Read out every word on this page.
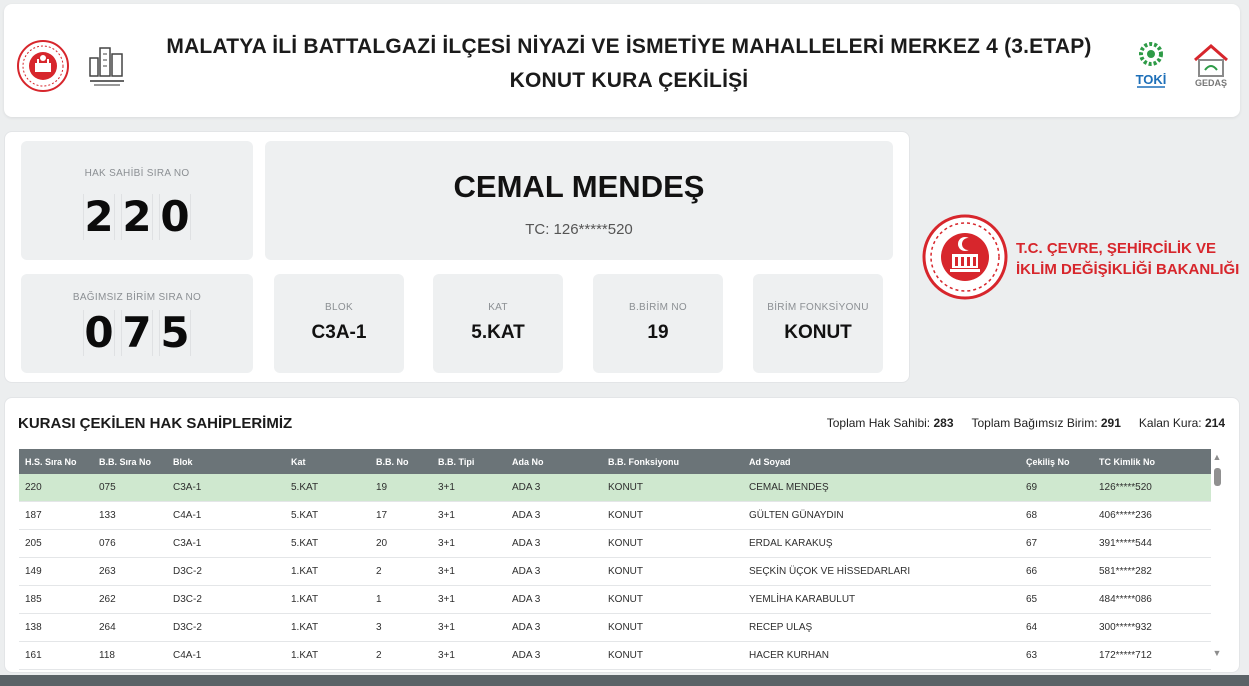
MALATYA İLİ BATTALGAZİ İLÇESİ NİYAZİ VE İSMETİYE MAHALLELERİ MERKEZ 4 (3.ETAP)
KONUT KURA ÇEKİLİŞİ	TOKİ	GEDAŞ
HAK SAHİBİ SIRA NO
2 2 0
CEMAL MENDEŞ
TC: 126*****520
BAĞIMSIZ BİRİM SIRA NO
0 7 5
BLOK
C3A-1
KAT
5.KAT
B.BİRİM NO
19
BİRİM FONKSİYONU
KONUT
T.C. ÇEVRE, ŞEHİRCİLİK VE
İKLİM DEĞİŞİKLİĞİ BAKANLIĞI
KURASI ÇEKİLEN HAK SAHİPLERİMİZ	Toplam Hak Sahibi: 283 Toplam Bağımsız Birim: 291 Kalan Kura: 214
H.S. Sıra No B.B. Sıra No Blok	Kat	B.B. No	B.B. Tipi	Ada No	B.B. Fonksiyonu	Ad Soyad	Çekiliş No	TC Kimlik No
220	075	C3A-1	5.KAT	19	3+1	ADA 3	KONUT	CEMAL MENDEŞ	69	126*****520
187	133	C4A-1	5.KAT	17	3+1	ADA 3	KONUT	GÜLTEN GÜNAYDIN	68	406*****236
205	076	C3A-1	5.KAT	20	3+1	ADA 3	KONUT	ERDAL KARAKUŞ	67	391*****544
149	263	D3C-2	1.KAT	2	3+1	ADA 3	KONUT	SEÇKİN ÜÇOK VE HİSSEDARLARI	66	581*****282
185	262	D3C-2	1.KAT	1	3+1	ADA 3	KONUT	YEMLİHA KARABULUT	65	484*****086
138	264	D3C-2	1.KAT	3	3+1	ADA 3	KONUT	RECEP ULAŞ	64	300*****932
161	118	C4A-1	1.KAT	2	3+1	ADA 3	KONUT	HACER KURHAN	63	172*****712
▲
▼
